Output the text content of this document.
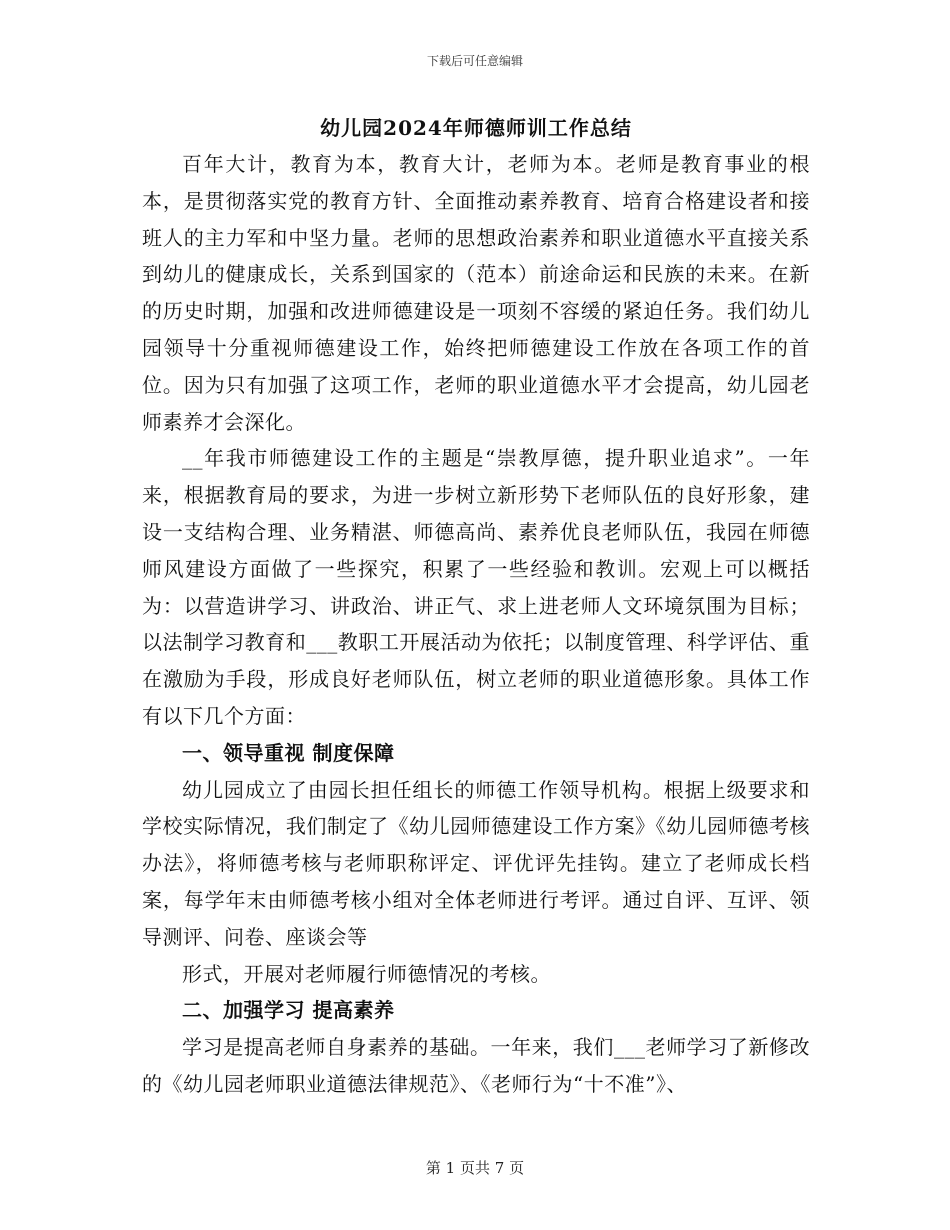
下载后可任意编辑
幼儿园2024年师德师训工作总结

百年大计，教育为本，教育大计，老师为本。老师是教育事业的根本，是贯彻落实党的教育方针、全面推动素养教育、培育合格建设者和接班人的主力军和中坚力量。老师的思想政治素养和职业道德水平直接关系到幼儿的健康成长，关系到国家的（范本）前途命运和民族的未来。在新的历史时期，加强和改进师德建设是一项刻不容缓的紧迫任务。我们幼儿园领导十分重视师德建设工作，始终把师德建设工作放在各项工作的首位。因为只有加强了这项工作，老师的职业道德水平才会提高，幼儿园老师素养才会深化。

__年我市师德建设工作的主题是“崇教厚德，提升职业追求”。一年来，根据教育局的要求，为进一步树立新形势下老师队伍的良好形象，建设一支结构合理、业务精湛、师德高尚、素养优良老师队伍，我园在师德师风建设方面做了一些探究，积累了一些经验和教训。宏观上可以概括为：以营造讲学习、讲政治、讲正气、求上进老师人文环境氛围为目标；以法制学习教育和___教职工开展活动为依托；以制度管理、科学评估、重在激励为手段，形成良好老师队伍，树立老师的职业道德形象。具体工作有以下几个方面：

一、领导重视 制度保障

幼儿园成立了由园长担任组长的师德工作领导机构。根据上级要求和学校实际情况，我们制定了《幼儿园师德建设工作方案》《幼儿园师德考核办法》，将师德考核与老师职称评定、评优评先挂钩。建立了老师成长档案，每学年末由师德考核小组对全体老师进行考评。通过自评、互评、领导测评、问卷、座谈会等

形式，开展对老师履行师德情况的考核。

二、加强学习 提高素养

学习是提高老师自身素养的基础。一年来，我们___老师学习了新修改的《幼儿园老师职业道德法律规范》、《老师行为“十不准”》、

第 1 页共 7 页
